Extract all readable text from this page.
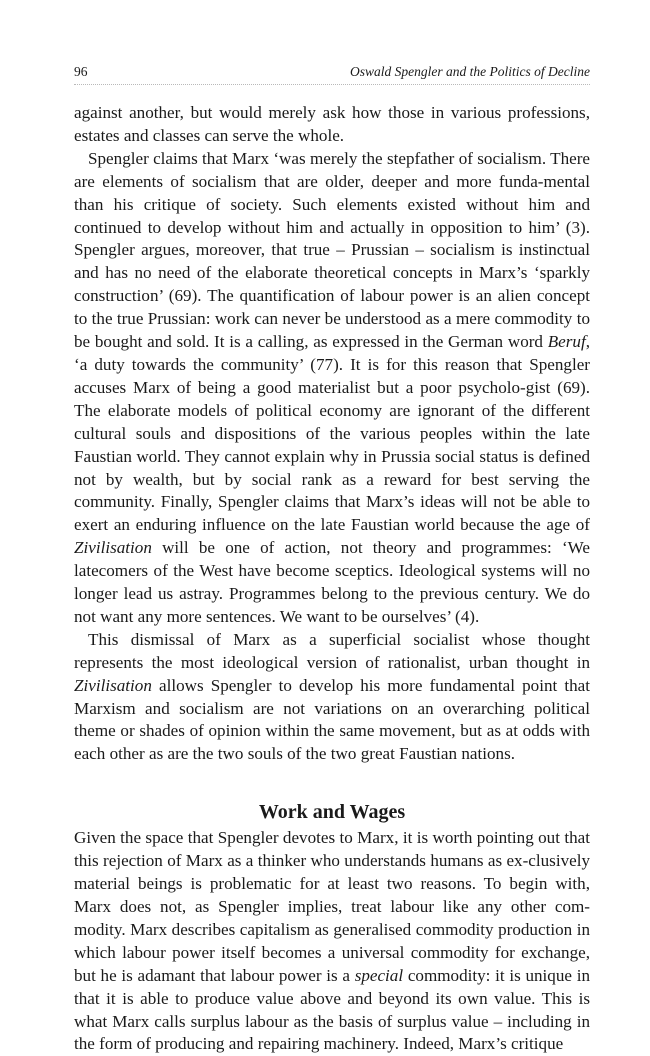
96	Oswald Spengler and the Politics of Decline

against another, but would merely ask how those in various professions, estates and classes can serve the whole.

Spengler claims that Marx ‘was merely the stepfather of socialism. There are elements of socialism that are older, deeper and more funda-mental than his critique of society. Such elements existed without him and continued to develop without him and actually in opposition to him’ (3). Spengler argues, moreover, that true – Prussian – socialism is instinctual and has no need of the elaborate theoretical concepts in Marx’s ‘sparkly construction’ (69). The quantification of labour power is an alien concept to the true Prussian: work can never be understood as a mere commodity to be bought and sold. It is a calling, as expressed in the German word Beruf, ‘a duty towards the community’ (77). It is for this reason that Spengler accuses Marx of being a good materialist but a poor psycholo-gist (69). The elaborate models of political economy are ignorant of the different cultural souls and dispositions of the various peoples within the late Faustian world. They cannot explain why in Prussia social status is defined not by wealth, but by social rank as a reward for best serving the community. Finally, Spengler claims that Marx’s ideas will not be able to exert an enduring influence on the late Faustian world because the age of Zivilisation will be one of action, not theory and programmes: ‘We latecomers of the West have become sceptics. Ideological systems will no longer lead us astray. Programmes belong to the previous century. We do not want any more sentences. We want to be ourselves’ (4).

This dismissal of Marx as a superficial socialist whose thought represents the most ideological version of rationalist, urban thought in Zivilisation allows Spengler to develop his more fundamental point that Marxism and socialism are not variations on an overarching political theme or shades of opinion within the same movement, but as at odds with each other as are the two souls of the two great Faustian nations.

Work and Wages

Given the space that Spengler devotes to Marx, it is worth pointing out that this rejection of Marx as a thinker who understands humans as ex-clusively material beings is problematic for at least two reasons. To begin with, Marx does not, as Spengler implies, treat labour like any other com-modity. Marx describes capitalism as generalised commodity production in which labour power itself becomes a universal commodity for exchange, but he is adamant that labour power is a special commodity: it is unique in that it is able to produce value above and beyond its own value. This is what Marx calls surplus labour as the basis of surplus value – including in the form of producing and repairing machinery. Indeed, Marx’s critique
